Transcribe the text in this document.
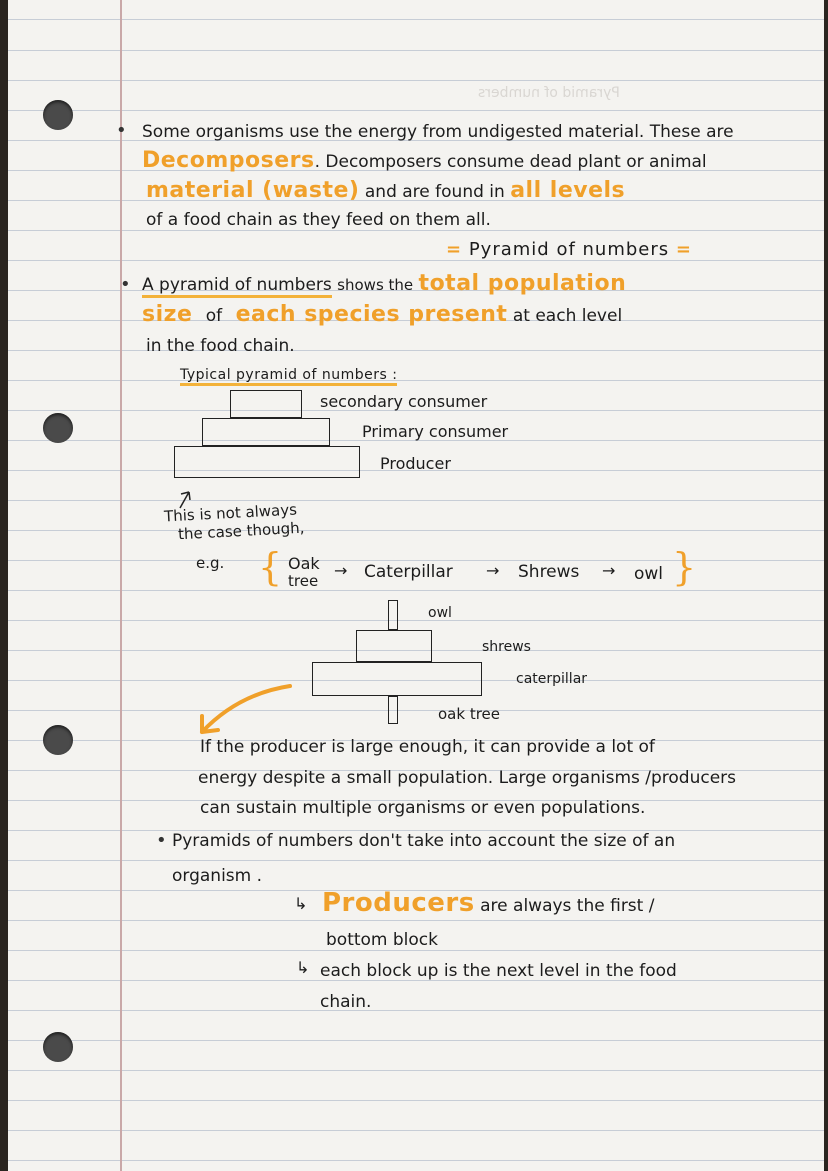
Pyramid of numbers
• Some organisms use the energy from undigested material. These are
Decomposers. Decomposers consume dead plant or animal
material (waste) and are found in all levels
of a food chain as they feed on them all.
= Pyramid of numbers =
• A pyramid of numbers shows the total population
size of each species present at each level
in the food chain.
Typical pyramid of numbers :
secondary consumer
Primary consumer
Producer
This is not always
the case though,
e.g. { Oak
tree
→ Caterpillar → Shrews → owl }
owl
shrews
caterpillar
oak tree
If the producer is large enough, it can provide a lot of
energy despite a small population. Large organisms /producers
can sustain multiple organisms or even populations.
• Pyramids of numbers don't take into account the size of an
organism .
↳ Producers are always the first /
bottom block
↳ each block up is the next level in the food
chain.
